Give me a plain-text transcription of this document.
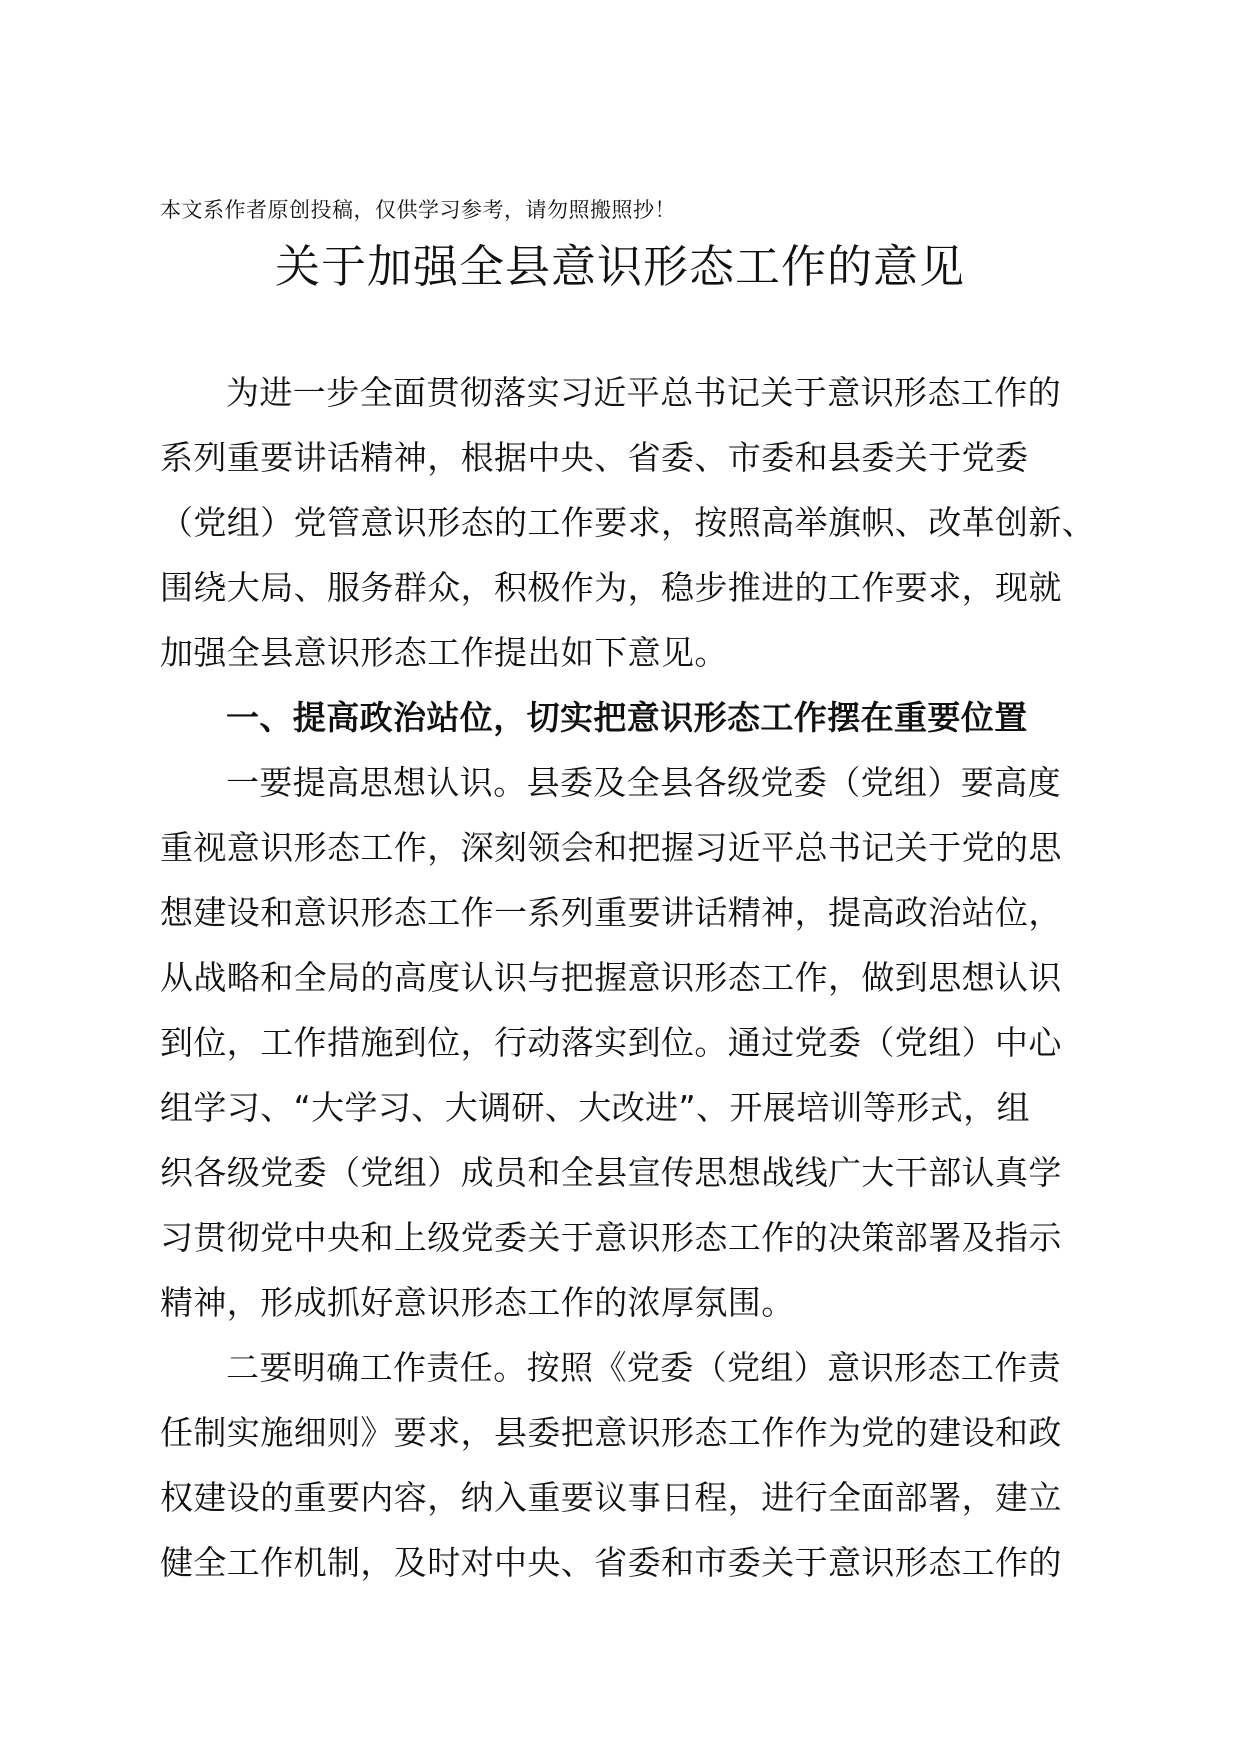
本文系作者原创投稿，仅供学习参考，请勿照搬照抄！
关于加强全县意识形态工作的意见
为进一步全面贯彻落实习近平总书记关于意识形态工作的
系列重要讲话精神，根据中央、省委、市委和县委关于党委
（党组）党管意识形态的工作要求，按照高举旗帜、改革创新、
围绕大局、服务群众，积极作为，稳步推进的工作要求，现就
加强全县意识形态工作提出如下意见。
一、提高政治站位，切实把意识形态工作摆在重要位置
一要提高思想认识。县委及全县各级党委（党组）要高度
重视意识形态工作，深刻领会和把握习近平总书记关于党的思
想建设和意识形态工作一系列重要讲话精神，提高政治站位，
从战略和全局的高度认识与把握意识形态工作，做到思想认识
到位，工作措施到位，行动落实到位。通过党委（党组）中心
组学习、“大学习、大调研、大改进”、开展培训等形式，组
织各级党委（党组）成员和全县宣传思想战线广大干部认真学
习贯彻党中央和上级党委关于意识形态工作的决策部署及指示
精神，形成抓好意识形态工作的浓厚氛围。
二要明确工作责任。按照《党委（党组）意识形态工作责
任制实施细则》要求，县委把意识形态工作作为党的建设和政
权建设的重要内容，纳入重要议事日程，进行全面部署，建立
健全工作机制，及时对中央、省委和市委关于意识形态工作的
